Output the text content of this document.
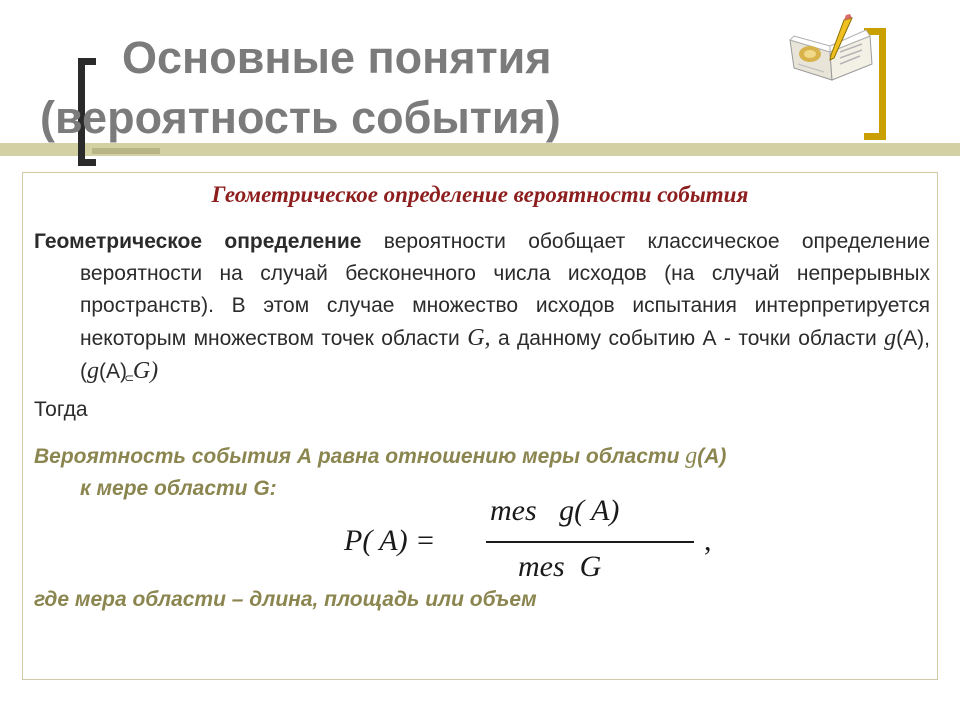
Основные понятия
(вероятность события)
Геометрическое определение вероятности события

Геометрическое определение вероятности обобщает классическое определение вероятности на случай бесконечного числа исходов (на случай непрерывных пространств). В этом случае множество исходов испытания интерпретируется некоторым множеством точек области G, а данному событию А - точки области g(А), (g(А) G)⊂

Тогда

Вероятность события А равна отношению меры области g(А)
к мере области G:

P( A) =
mes   g( A)
mes  G
,

где мера области – длина, площадь или объем
